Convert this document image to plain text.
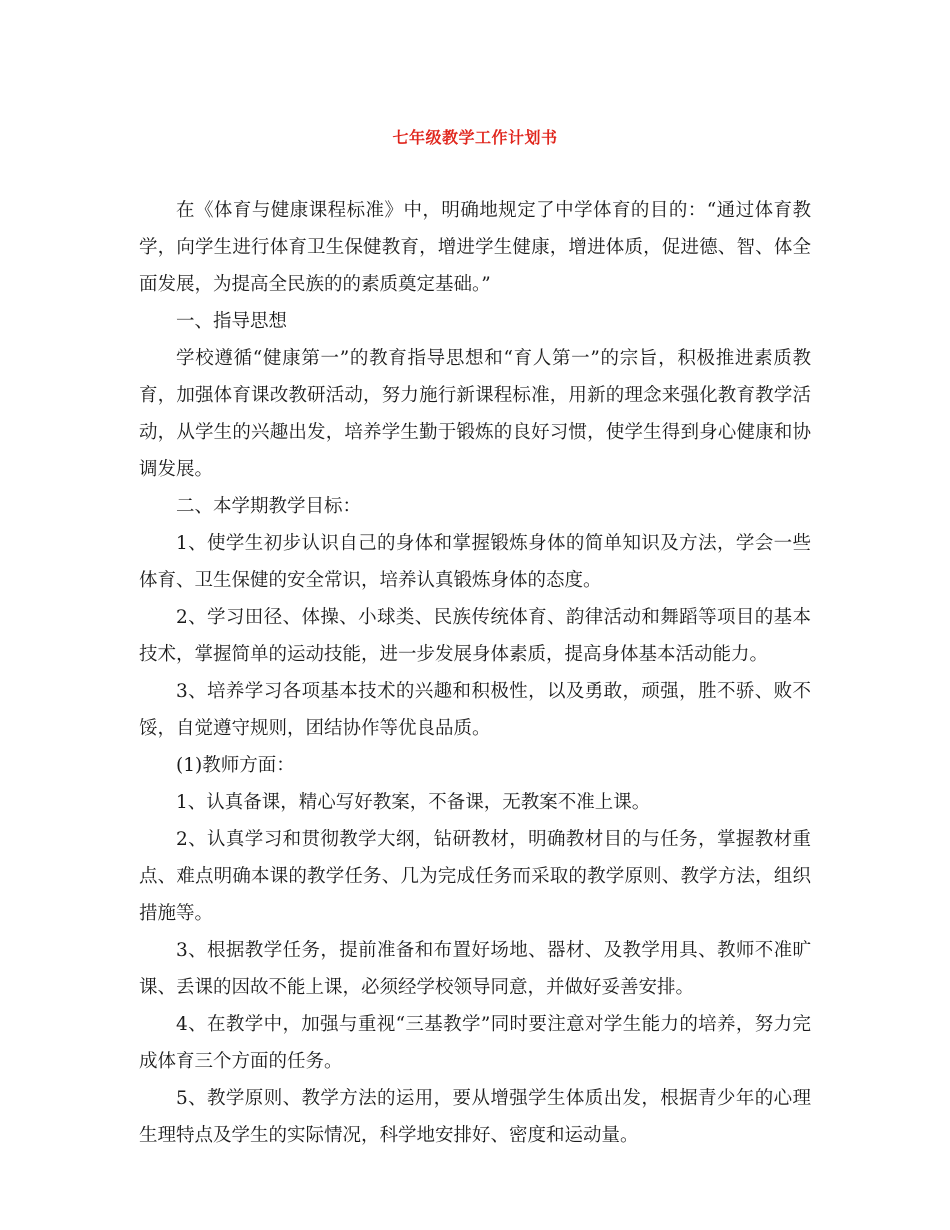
七年级教学工作计划书

在《体育与健康课程标准》中，明确地规定了中学体育的目的：“通过体育教学，向学生进行体育卫生保健教育，增进学生健康，增进体质，促进德、智、体全面发展，为提高全民族的的素质奠定基础。”

一、指导思想

学校遵循“健康第一”的教育指导思想和“育人第一”的宗旨，积极推进素质教育，加强体育课改教研活动，努力施行新课程标准，用新的理念来强化教育教学活动，从学生的兴趣出发，培养学生勤于锻炼的良好习惯，使学生得到身心健康和协调发展。

二、本学期教学目标：

1、使学生初步认识自己的身体和掌握锻炼身体的简单知识及方法，学会一些体育、卫生保健的安全常识，培养认真锻炼身体的态度。

2、学习田径、体操、小球类、民族传统体育、韵律活动和舞蹈等项目的基本技术，掌握简单的运动技能，进一步发展身体素质，提高身体基本活动能力。

3、培养学习各项基本技术的兴趣和积极性，以及勇敢，顽强，胜不骄、败不馁，自觉遵守规则，团结协作等优良品质。

(1)教师方面：

1、认真备课，精心写好教案，不备课，无教案不准上课。

2、认真学习和贯彻教学大纲，钻研教材，明确教材目的与任务，掌握教材重点、难点明确本课的教学任务、几为完成任务而采取的教学原则、教学方法，组织措施等。

3、根据教学任务，提前准备和布置好场地、器材、及教学用具、教师不准旷课、丢课的因故不能上课，必须经学校领导同意，并做好妥善安排。

4、在教学中，加强与重视“三基教学”同时要注意对学生能力的培养，努力完成体育三个方面的任务。

5、教学原则、教学方法的运用，要从增强学生体质出发，根据青少年的心理生理特点及学生的实际情况，科学地安排好、密度和运动量。
